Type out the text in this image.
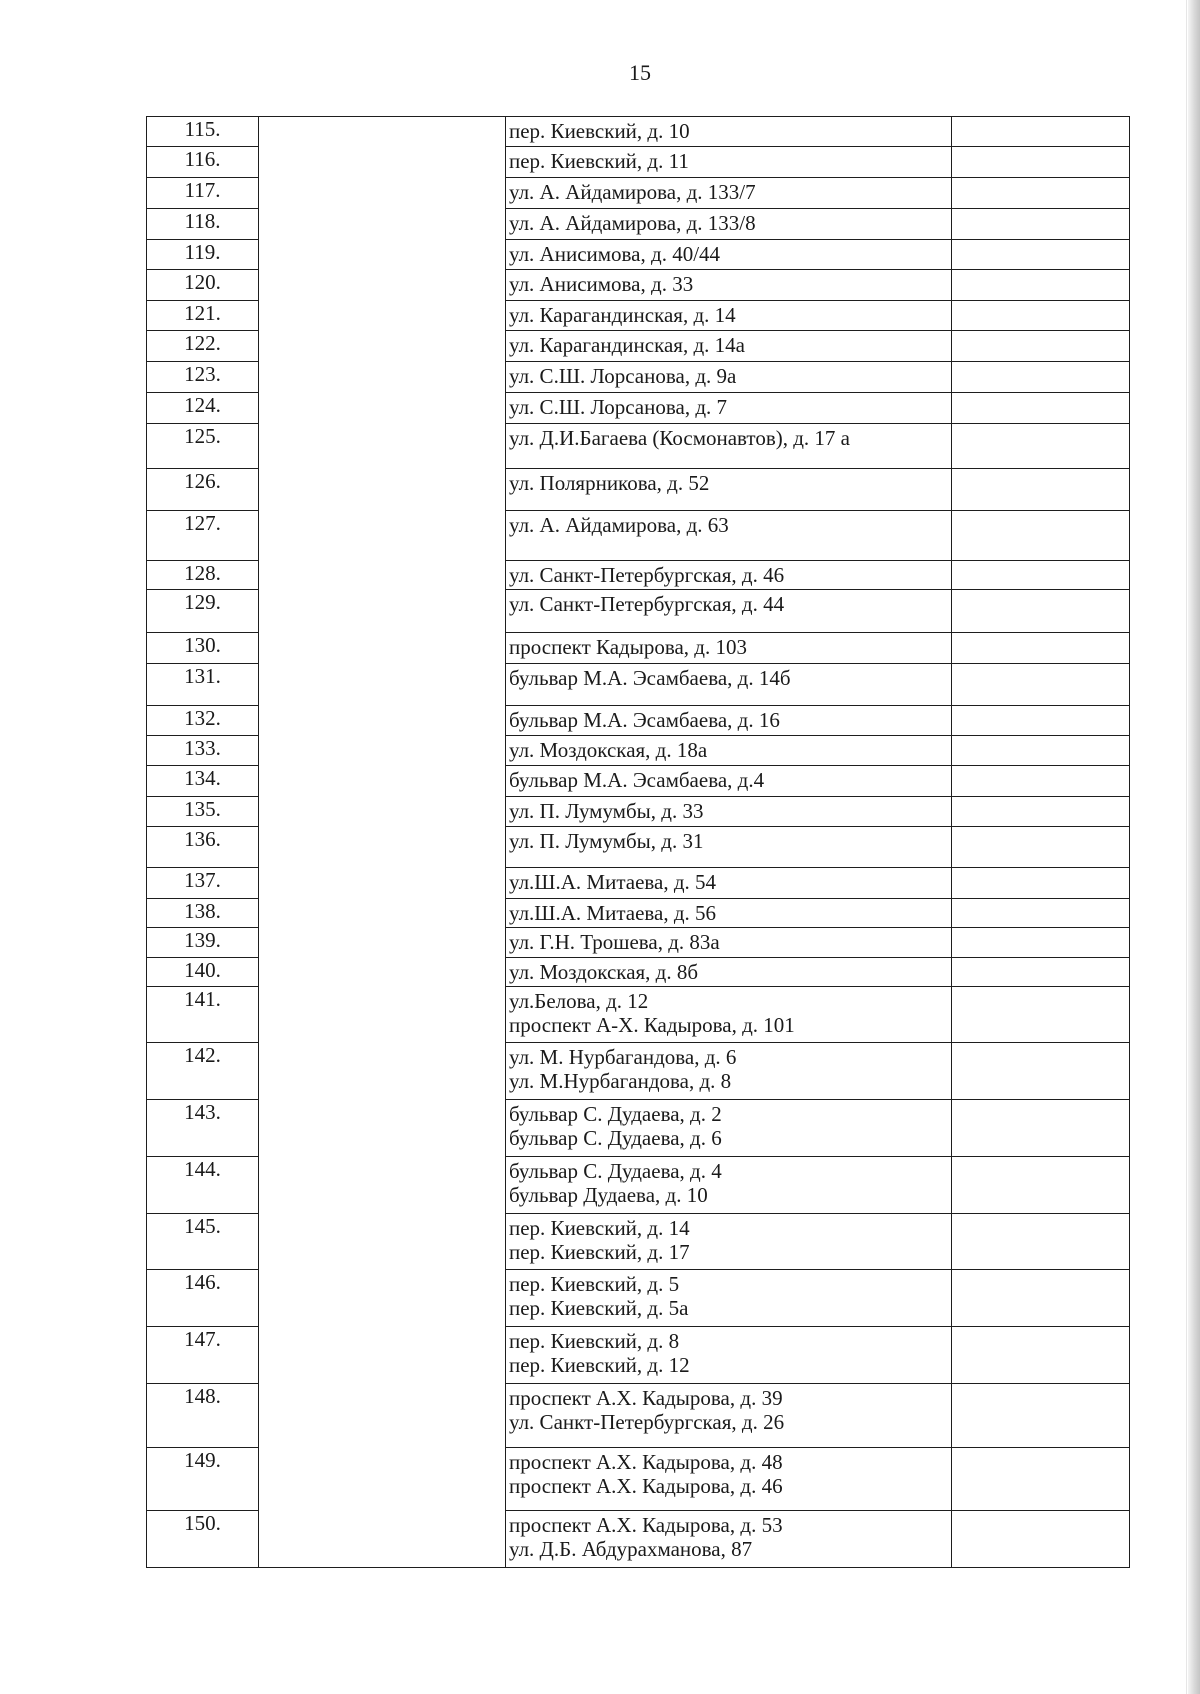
15
115.		пер. Киевский, д. 10	

116.		пер. Киевский, д. 11	

117.		ул. А. Айдамирова, д. 133/7	

118.		ул. А. Айдамирова, д. 133/8	

119.		ул. Анисимова, д. 40/44	

120.		ул. Анисимова, д. 33	

121.		ул. Карагандинская, д. 14	

122.		ул. Карагандинская, д. 14а	

123.		ул. С.Ш. Лорсанова, д. 9а	

124.		ул. С.Ш. Лорсанова, д. 7	

125.		ул. Д.И.Багаева (Космонавтов), д. 17 а	

126.		ул. Полярникова, д. 52	

127.		ул. А. Айдамирова, д. 63	

128.		ул. Санкт-Петербургская, д. 46	

129.		ул. Санкт-Петербургская, д. 44	

130.		проспект Кадырова, д. 103	

131.		бульвар М.А. Эсамбаева, д. 14б	

132.		бульвар М.А. Эсамбаева, д. 16	

133.		ул. Моздокская, д. 18а	

134.		бульвар М.А. Эсамбаева, д.4	

135.		ул. П. Лумумбы, д. 33	

136.		ул. П. Лумумбы, д. 31	

137.		ул.Ш.А. Митаева, д. 54	

138.		ул.Ш.А. Митаева, д. 56	

139.		ул. Г.Н. Трошева, д. 83а	

140.		ул. Моздокская, д. 8б	

141.		ул.Белова, д. 12
проспект А-Х. Кадырова, д. 101	

142.		ул. М. Нурбагандова, д. 6
ул. М.Нурбагандова, д. 8	

143.		бульвар С. Дудаева, д. 2
бульвар С. Дудаева, д. 6	

144.		бульвар С. Дудаева, д. 4
бульвар Дудаева, д. 10	

145.		пер. Киевский, д. 14
пер. Киевский, д. 17	

146.		пер. Киевский, д. 5
пер. Киевский, д. 5а	

147.		пер. Киевский, д. 8
пер. Киевский, д. 12	

148.		проспект А.Х. Кадырова, д. 39
ул. Санкт-Петербургская, д. 26	

149.		проспект А.Х. Кадырова, д. 48
проспект А.Х. Кадырова, д. 46	

150.		проспект А.Х. Кадырова, д. 53
ул. Д.Б. Абдурахманова, 87	
